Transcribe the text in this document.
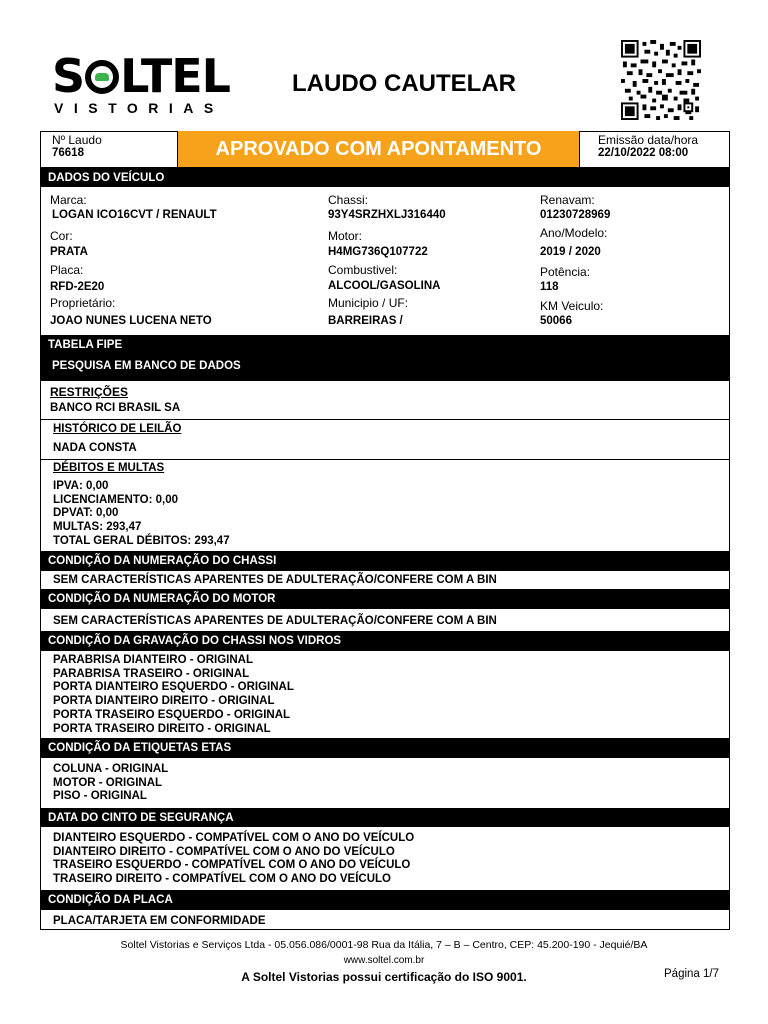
S LTEL
VISTORIAS
LAUDO CAUTELAR
Nº Laudo
76618	APROVADO COM APONTAMENTO	Emissão data/hora
22/10/2022 08:00
DADOS DO VEÍCULO
Marca:
LOGAN ICO16CVT / RENAULT
Chassi:
93Y4SRZHXLJ316440
Renavam:
01230728969
Cor:
PRATA
Motor:
H4MG736Q107722
Ano/Modelo:
2019 / 2020
Placa:
RFD-2E20
Combustivel:
ALCOOL/GASOLINA
Potência:
118
Proprietário:
JOAO NUNES LUCENA NETO
Municipio / UF:
BARREIRAS /
KM Veiculo:
50066
TABELA FIPE
PESQUISA EM BANCO DE DADOS
RESTRIÇÕES
BANCO RCI BRASIL SA
HISTÓRICO DE LEILÃO
NADA CONSTA
DÉBITOS E MULTAS
IPVA: 0,00
LICENCIAMENTO: 0,00
DPVAT: 0,00
MULTAS: 293,47
TOTAL GERAL DÉBITOS: 293,47
CONDIÇÃO DA NUMERAÇÃO DO CHASSI
SEM CARACTERÍSTICAS APARENTES DE ADULTERAÇÃO/CONFERE COM A BIN
CONDIÇÃO DA NUMERAÇÃO DO MOTOR
SEM CARACTERÍSTICAS APARENTES DE ADULTERAÇÃO/CONFERE COM A BIN
CONDIÇÃO DA GRAVAÇÃO DO CHASSI NOS VIDROS
PARABRISA DIANTEIRO - ORIGINAL
PARABRISA TRASEIRO - ORIGINAL
PORTA DIANTEIRO ESQUERDO - ORIGINAL
PORTA DIANTEIRO DIREITO - ORIGINAL
PORTA TRASEIRO ESQUERDO - ORIGINAL
PORTA TRASEIRO DIREITO - ORIGINAL
CONDIÇÃO DA ETIQUETAS ETAS
COLUNA - ORIGINAL
MOTOR - ORIGINAL
PISO - ORIGINAL
DATA DO CINTO DE SEGURANÇA
DIANTEIRO ESQUERDO - COMPATÍVEL COM O ANO DO VEÍCULO
DIANTEIRO DIREITO - COMPATÍVEL COM O ANO DO VEÍCULO
TRASEIRO ESQUERDO - COMPATÍVEL COM O ANO DO VEÍCULO
TRASEIRO DIREITO - COMPATÍVEL COM O ANO DO VEÍCULO
CONDIÇÃO DA PLACA
PLACA/TARJETA EM CONFORMIDADE
Soltel Vistorias e Serviços Ltda - 05.056.086/0001-98 Rua da Itália, 7 – B – Centro, CEP: 45.200-190 - Jequié/BA
www.soltel.com.br
A Soltel Vistorias possui certificação do ISO 9001.	Página 1/7
